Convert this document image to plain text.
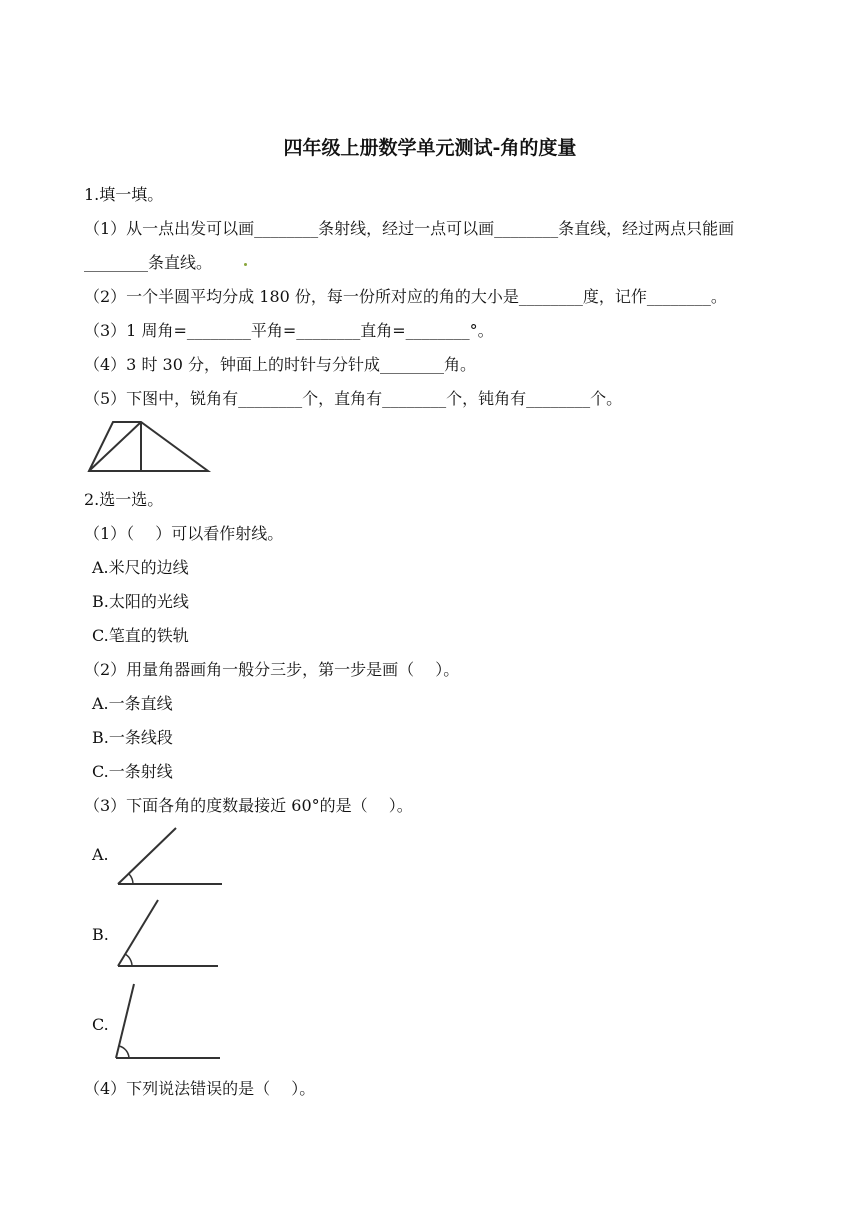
四年级上册数学单元测试-角的度量
1.填一填。
（1）从一点出发可以画________条射线，经过一点可以画________条直线，经过两点只能画
________条直线。
（2）一个半圆平均分成 180 份，每一份所对应的角的大小是________度，记作________。
（3）1 周角=________平角=________直角=________°。
（4）3 时 30 分，钟面上的时针与分针成________角。
（5）下图中，锐角有________个，直角有________个，钝角有________个。
2.选一选。
（1）（　 ）可以看作射线。
A.米尺的边线
B.太阳的光线
C.笔直的铁轨
（2）用量角器画角一般分三步，第一步是画（　 ）。
A.一条直线
B.一条线段
C.一条射线
（3）下面各角的度数最接近 60°的是（　 ）。
A.
B.
C.
（4）下列说法错误的是（　 ）。
